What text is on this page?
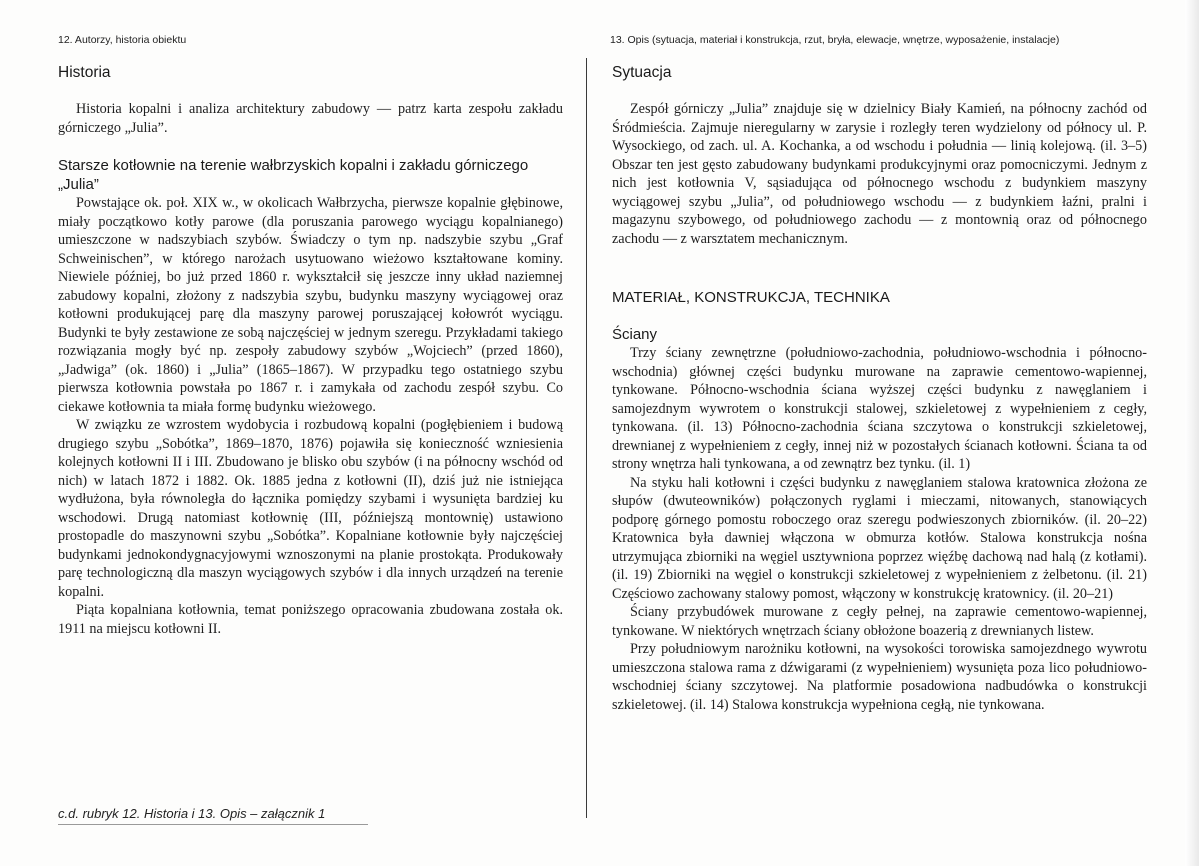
12. Autorzy, historia obiektu
Historia

Historia kopalni i analiza architektury zabudowy — patrz karta zespołu zakładu górniczego „Julia”.

Starsze kotłownie na terenie wałbrzyskich kopalni i zakładu górniczego „Julia”

Powstające ok. poł. XIX w., w okolicach Wałbrzycha, pierwsze kopalnie głębinowe, miały początkowo kotły parowe (dla poruszania parowego wyciągu kopalnianego) umieszczone w nadszybiach szybów. Świadczy o tym np. nadszybie szybu „Graf Schweinischen”, w którego narożach usytuowano wieżowo kształtowane kominy. Niewiele później, bo już przed 1860 r. wykształcił się jeszcze inny układ naziemnej zabudowy kopalni, złożony z nadszybia szybu, budynku maszyny wyciągowej oraz kotłowni produkującej parę dla maszyny parowej poruszającej kołowrót wyciągu. Budynki te były zestawione ze sobą najczęściej w jednym szeregu. Przykładami takiego rozwiązania mogły być np. zespoły zabudowy szybów „Wojciech” (przed 1860), „Jadwiga” (ok. 1860) i „Julia” (1865–1867). W przypadku tego ostatniego szybu pierwsza kotłownia powstała po 1867 r. i zamykała od zachodu zespół szybu. Co ciekawe kotłownia ta miała formę budynku wieżowego.

W związku ze wzrostem wydobycia i rozbudową kopalni (pogłębieniem i budową drugiego szybu „Sobótka”, 1869–1870, 1876) pojawiła się konieczność wzniesienia kolejnych kotłowni II i III. Zbudowano je blisko obu szybów (i na północny wschód od nich) w latach 1872 i 1882. Ok. 1885 jedna z kotłowni (II), dziś już nie istniejąca wydłużona, była równoległa do łącznika pomiędzy szybami i wysunięta bardziej ku wschodowi. Drugą natomiast kotłownię (III, późniejszą montownię) ustawiono prostopadle do maszynowni szybu „Sobótka”. Kopalniane kotłownie były najczęściej budynkami jednokondygnacyjowymi wznoszonymi na planie prostokąta. Produkowały parę technologiczną dla maszyn wyciągowych szybów i dla innych urządzeń na terenie kopalni.

Piąta kopalniana kotłownia, temat poniższego opracowania zbudowana została ok. 1911 na miejscu kotłowni II.

13. Opis (sytuacja, materiał i konstrukcja, rzut, bryła, elewacje, wnętrze, wyposażenie, instalacje)
Sytuacja

Zespół górniczy „Julia” znajduje się w dzielnicy Biały Kamień, na północny zachód od Śródmieścia. Zajmuje nieregularny w zarysie i rozległy teren wydzielony od północy ul. P. Wysockiego, od zach. ul. A. Kochanka, a od wschodu i południa — linią kolejową. (il. 3–5) Obszar ten jest gęsto zabudowany budynkami produkcyjnymi oraz pomocniczymi. Jednym z nich jest kotłownia V, sąsiadująca od północnego wschodu z budynkiem maszyny wyciągowej szybu „Julia”, od południowego wschodu — z budynkiem łaźni, pralni i magazynu szybowego, od południowego zachodu — z montownią oraz od północnego zachodu — z warsztatem mechanicznym.

MATERIAŁ, KONSTRUKCJA, TECHNIKA
Ściany

Trzy ściany zewnętrzne (południowo-zachodnia, południowo-wschodnia i północno-wschodnia) głównej części budynku murowane na zaprawie cementowo-wapiennej, tynkowane. Północno-wschodnia ściana wyższej części budynku z nawęglaniem i samojezdnym wywrotem o konstrukcji stalowej, szkieletowej z wypełnieniem z cegły, tynkowana. (il. 13) Północno-zachodnia ściana szczytowa o konstrukcji szkieletowej, drewnianej z wypełnieniem z cegły, innej niż w pozostałych ścianach kotłowni. Ściana ta od strony wnętrza hali tynkowana, a od zewnątrz bez tynku. (il. 1)

Na styku hali kotłowni i części budynku z nawęglaniem stalowa kratownica złożona ze słupów (dwuteowników) połączonych ryglami i mieczami, nitowanych, stanowiących podporę górnego pomostu roboczego oraz szeregu podwieszonych zbiorników. (il. 20–22) Kratownica była dawniej włączona w obmurza kotłów. Stalowa konstrukcja nośna utrzymująca zbiorniki na węgiel usztywniona poprzez więźbę dachową nad halą (z kotłami). (il. 19) Zbiorniki na węgiel o konstrukcji szkieletowej z wypełnieniem z żelbetonu. (il. 21) Częściowo zachowany stalowy pomost, włączony w konstrukcję kratownicy. (il. 20–21)

Ściany przybudówek murowane z cegły pełnej, na zaprawie cementowo-wapiennej, tynkowane. W niektórych wnętrzach ściany obłożone boazerią z drewnianych listew.

Przy południowym narożniku kotłowni, na wysokości torowiska samojezdnego wywrotu umieszczona stalowa rama z dźwigarami (z wypełnieniem) wysunięta poza lico południowo-wschodniej ściany szczytowej. Na platformie posadowiona nadbudówka o konstrukcji szkieletowej. (il. 14) Stalowa konstrukcja wypełniona cegłą, nie tynkowana.

c.d. rubryk 12. Historia i 13. Opis – załącznik 1
